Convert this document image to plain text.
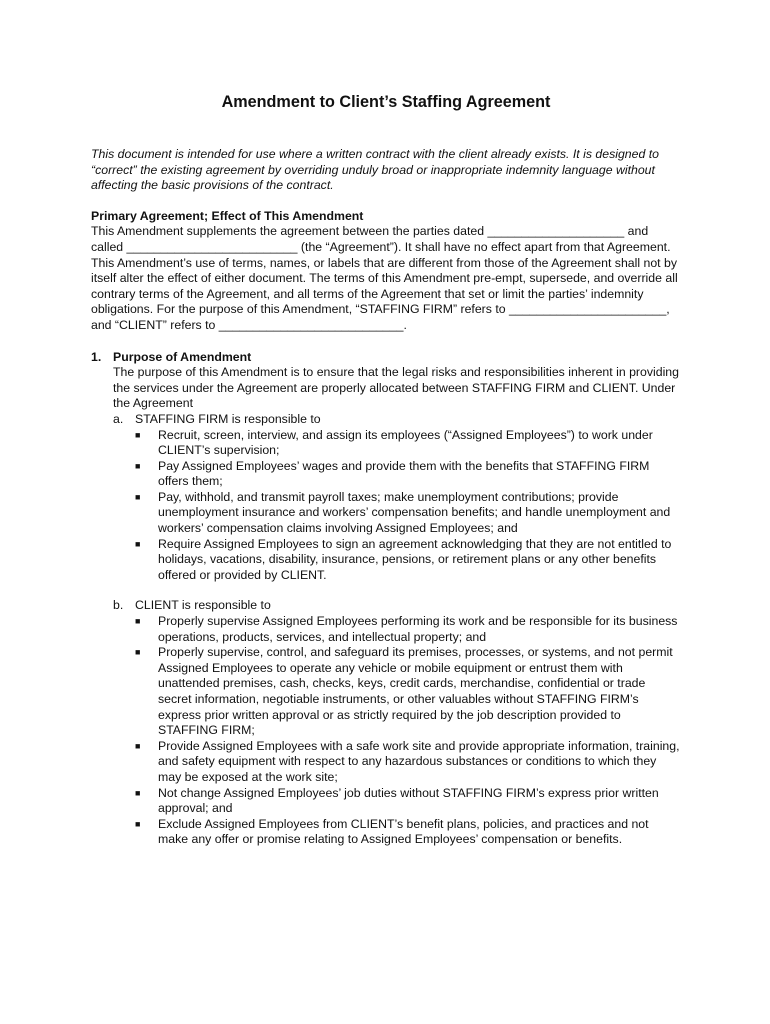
Amendment to Client’s Staffing Agreement

This document is intended for use where a written contract with the client already exists. It is designed to “correct” the existing agreement by overriding unduly broad or inappropriate indemnity language without affecting the basic provisions of the contract.

Primary Agreement; Effect of This Amendment

This Amendment supplements the agreement between the parties dated ____________________ and called _________________________ (the “Agreement”). It shall have no effect apart from that Agreement. This Amendment’s use of terms, names, or labels that are different from those of the Agreement shall not by itself alter the effect of either document. The terms of this Amendment pre-empt, supersede, and override all contrary terms of the Agreement, and all terms of the Agreement that set or limit the parties’ indemnity obligations. For the purpose of this Amendment, “STAFFING FIRM” refers to _______________________, and “CLIENT” refers to ___________________________.

1. Purpose of Amendment
The purpose of this Amendment is to ensure that the legal risks and responsibilities inherent in providing the services under the Agreement are properly allocated between STAFFING FIRM and CLIENT. Under the Agreement
a. STAFFING FIRM is responsible to
■ Recruit, screen, interview, and assign its employees (“Assigned Employees”) to work under CLIENT’s supervision;
■ Pay Assigned Employees’ wages and provide them with the benefits that STAFFING FIRM offers them;
■ Pay, withhold, and transmit payroll taxes; make unemployment contributions; provide unemployment insurance and workers’ compensation benefits; and handle unemployment and workers’ compensation claims involving Assigned Employees; and
■ Require Assigned Employees to sign an agreement acknowledging that they are not entitled to holidays, vacations, disability, insurance, pensions, or retirement plans or any other benefits offered or provided by CLIENT.
b. CLIENT is responsible to
■ Properly supervise Assigned Employees performing its work and be responsible for its business operations, products, services, and intellectual property; and
■ Properly supervise, control, and safeguard its premises, processes, or systems, and not permit Assigned Employees to operate any vehicle or mobile equipment or entrust them with unattended premises, cash, checks, keys, credit cards, merchandise, confidential or trade secret information, negotiable instruments, or other valuables without STAFFING FIRM’s express prior written approval or as strictly required by the job description provided to STAFFING FIRM;
■ Provide Assigned Employees with a safe work site and provide appropriate information, training, and safety equipment with respect to any hazardous substances or conditions to which they may be exposed at the work site;
■ Not change Assigned Employees’ job duties without STAFFING FIRM’s express prior written approval; and
■ Exclude Assigned Employees from CLIENT’s benefit plans, policies, and practices and not make any offer or promise relating to Assigned Employees’ compensation or benefits.
